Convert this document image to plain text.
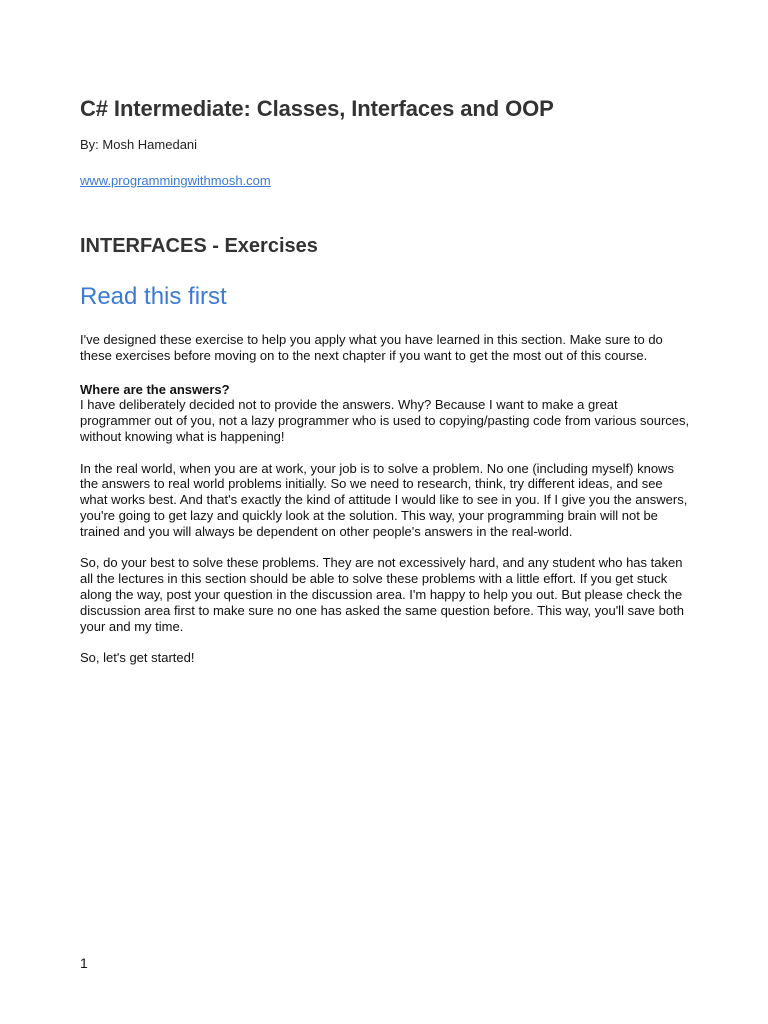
C# Intermediate: Classes, Interfaces and OOP

By: Mosh Hamedani

www.programmingwithmosh.com
INTERFACES - Exercises
Read this first

I've designed these exercise to help you apply what you have learned in this section. Make sure to do these exercises before moving on to the next chapter if you want to get the most out of this course.

Where are the answers?

I have deliberately decided not to provide the answers. Why? Because I want to make a great programmer out of you, not a lazy programmer who is used to copying/pasting code from various sources, without knowing what is happening!

In the real world, when you are at work, your job is to solve a problem. No one (including myself) knows the answers to real world problems initially. So we need to research, think, try different ideas, and see what works best. And that's exactly the kind of attitude I would like to see in you. If I give you the answers, you're going to get lazy and quickly look at the solution. This way, your programming brain will not be trained and you will always be dependent on other people's answers in the real-world.

So, do your best to solve these problems. They are not excessively hard, and any student who has taken all the lectures in this section should be able to solve these problems with a little effort. If you get stuck along the way, post your question in the discussion area. I'm happy to help you out. But please check the discussion area first to make sure no one has asked the same question before. This way, you'll save both your and my time.

So, let's get started!

1
